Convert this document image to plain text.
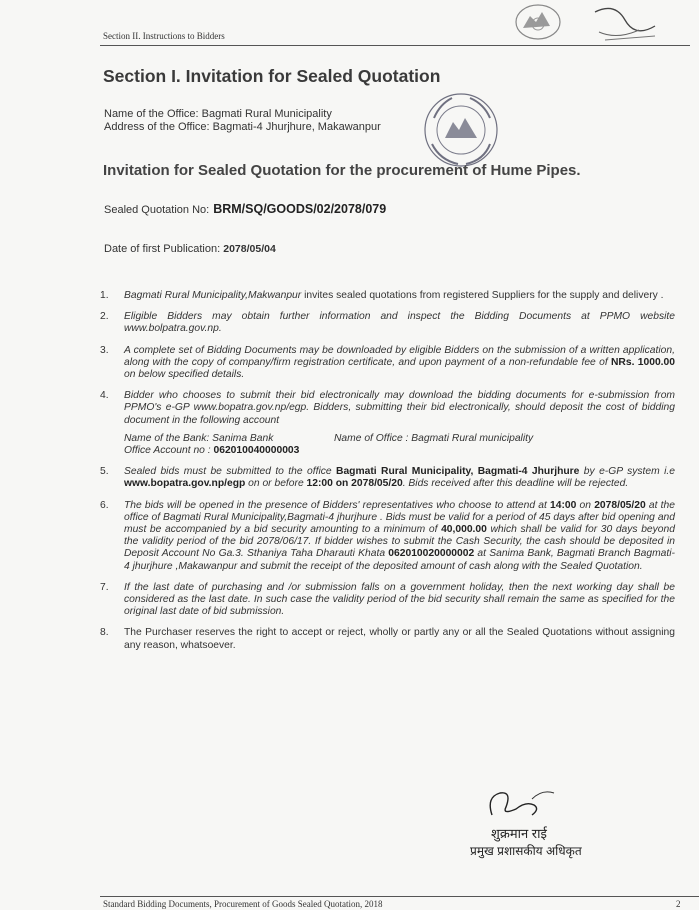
Section II. Instructions to Bidders
Section I. Invitation for Sealed Quotation
Name of the Office: Bagmati Rural Municipality
Address of the Office: Bagmati-4 Jhurjhure, Makawanpur
Invitation for Sealed Quotation for the procurement of Hume Pipes.
Sealed Quotation No: BRM/SQ/GOODS/02/2078/079
Date of first Publication: 2078/05/04
1.	Bagmati Rural Municipality,Makwanpur invites sealed quotations from registered Suppliers for the supply and delivery .
2.	Eligible Bidders may obtain further information and inspect the Bidding Documents at PPMO website www.bolpatra.gov.np.
3.	A complete set of Bidding Documents may be downloaded by eligible Bidders on the submission of a written application, along with the copy of company/firm registration certificate, and upon payment of a non-refundable fee of NRs. 1000.00 on below specified details.
4.	Bidder who chooses to submit their bid electronically may download the bidding documents for e-submission from PPMO's e-GP www.bopatra.gov.np/egp. Bidders, submitting their bid electronically, should deposit the cost of bidding document in the following account
Name of the Bank: Sanima Bank	Name of Office : Bagmati Rural municipality
Office Account no : 062010040000003
5.	Sealed bids must be submitted to the office Bagmati Rural Municipality, Bagmati-4 Jhurjhure by e-GP system i.e www.bopatra.gov.np/egp on or before 12:00 on 2078/05/20. Bids received after this deadline will be rejected.
6.	The bids will be opened in the presence of Bidders' representatives who choose to attend at 14:00 on 2078/05/20 at the office of Bagmati Rural Municipality,Bagmati-4 jhurjhure . Bids must be valid for a period of 45 days after bid opening and must be accompanied by a bid security amounting to a minimum of 40,000.00 which shall be valid for 30 days beyond the validity period of the bid 2078/06/17. If bidder wishes to submit the Cash Security, the cash should be deposited in Deposit Account No Ga.3. Sthaniya Taha Dharauti Khata 062010020000002 at Sanima Bank, Bagmati Branch Bagmati-4 jhurjhure ,Makawanpur and submit the receipt of the deposited amount of cash along with the Sealed Quotation.
7.	If the last date of purchasing and /or submission falls on a government holiday, then the next working day shall be considered as the last date. In such case the validity period of the bid security shall remain the same as specified for the original last date of bid submission.
8.	The Purchaser reserves the right to accept or reject, wholly or partly any or all the Sealed Quotations without assigning any reason, whatsoever.
शुक्रमान राई
प्रमुख प्रशासकीय अधिकृत
Standard Bidding Documents, Procurement of Goods Sealed Quotation, 2018	2
